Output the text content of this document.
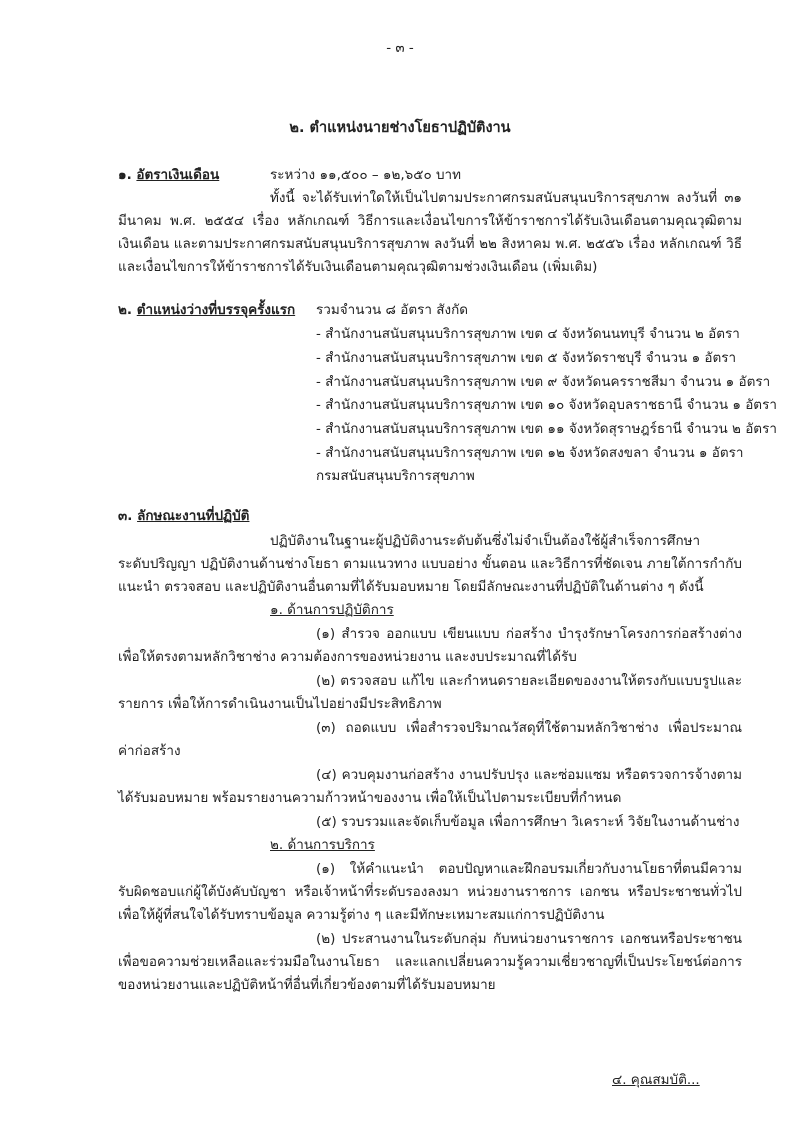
- ๓ -
๒. ตำแหน่งนายช่างโยธาปฏิบัติงาน
๑. อัตราเงินเดือน	ระหว่าง ๑๑,๕๐๐ – ๑๒,๖๕๐ บาท
ทั้งนี้ จะได้รับเท่าใดให้เป็นไปตามประกาศกรมสนับสนุนบริการสุขภาพ ลงวันที่ ๓๑
มีนาคม พ.ศ. ๒๕๕๔ เรื่อง หลักเกณฑ์ วิธีการและเงื่อนไขการให้ข้าราชการได้รับเงินเดือนตามคุณวุฒิตาม
เงินเดือน และตามประกาศกรมสนับสนุนบริการสุขภาพ ลงวันที่ ๒๒ สิงหาคม พ.ศ. ๒๕๕๖ เรื่อง หลักเกณฑ์ วิธี
และเงื่อนไขการให้ข้าราชการได้รับเงินเดือนตามคุณวุฒิตามช่วงเงินเดือน (เพิ่มเติม)
๒. ตำแหน่งว่างที่บรรจุครั้งแรก รวมจำนวน ๘ อัตรา สังกัด
- สำนักงานสนับสนุนบริการสุขภาพ เขต ๔ จังหวัดนนทบุรี จำนวน ๒ อัตรา
- สำนักงานสนับสนุนบริการสุขภาพ เขต ๕ จังหวัดราชบุรี จำนวน ๑ อัตรา
- สำนักงานสนับสนุนบริการสุขภาพ เขต ๙ จังหวัดนครราชสีมา จำนวน ๑ อัตรา
- สำนักงานสนับสนุนบริการสุขภาพ เขต ๑๐ จังหวัดอุบลราชธานี จำนวน ๑ อัตรา
- สำนักงานสนับสนุนบริการสุขภาพ เขต ๑๑ จังหวัดสุราษฎร์ธานี จำนวน ๒ อัตรา
- สำนักงานสนับสนุนบริการสุขภาพ เขต ๑๒ จังหวัดสงขลา จำนวน ๑ อัตรา
กรมสนับสนุนบริการสุขภาพ
๓. ลักษณะงานที่ปฏิบัติ
ปฏิบัติงานในฐานะผู้ปฏิบัติงานระดับต้นซึ่งไม่จำเป็นต้องใช้ผู้สำเร็จการศึกษา
ระดับปริญญา ปฏิบัติงานด้านช่างโยธา ตามแนวทาง แบบอย่าง ขั้นตอน และวิธีการที่ชัดเจน ภายใต้การกำกับ
แนะนำ ตรวจสอบ และปฏิบัติงานอื่นตามที่ได้รับมอบหมาย โดยมีลักษณะงานที่ปฏิบัติในด้านต่าง ๆ ดังนี้
๑. ด้านการปฏิบัติการ
(๑) สำรวจ ออกแบบ เขียนแบบ ก่อสร้าง บำรุงรักษาโครงการก่อสร้างต่าง
เพื่อให้ตรงตามหลักวิชาช่าง ความต้องการของหน่วยงาน และงบประมาณที่ได้รับ
(๒) ตรวจสอบ แก้ไข และกำหนดรายละเอียดของงานให้ตรงกับแบบรูปและ
รายการ เพื่อให้การดำเนินงานเป็นไปอย่างมีประสิทธิภาพ
(๓) ถอดแบบ เพื่อสำรวจปริมาณวัสดุที่ใช้ตามหลักวิชาช่าง เพื่อประมาณ
ค่าก่อสร้าง
(๔) ควบคุมงานก่อสร้าง งานปรับปรุง และซ่อมแซม หรือตรวจการจ้างตาม
ได้รับมอบหมาย พร้อมรายงานความก้าวหน้าของงาน เพื่อให้เป็นไปตามระเบียบที่กำหนด
(๕) รวบรวมและจัดเก็บข้อมูล เพื่อการศึกษา วิเคราะห์ วิจัยในงานด้านช่าง
๒. ด้านการบริการ
(๑) ให้คำแนะนำ ตอบปัญหาและฝึกอบรมเกี่ยวกับงานโยธาที่ตนมีความ
รับผิดชอบแก่ผู้ใต้บังคับบัญชา หรือเจ้าหน้าที่ระดับรองลงมา หน่วยงานราชการ เอกชน หรือประชาชนทั่วไป
เพื่อให้ผู้ที่สนใจได้รับทราบข้อมูล ความรู้ต่าง ๆ และมีทักษะเหมาะสมแก่การปฏิบัติงาน
(๒) ประสานงานในระดับกลุ่ม กับหน่วยงานราชการ เอกชนหรือประชาชน
เพื่อขอความช่วยเหลือและร่วมมือในงานโยธา และแลกเปลี่ยนความรู้ความเชี่ยวชาญที่เป็นประโยชน์ต่อการ
ของหน่วยงานและปฏิบัติหน้าที่อื่นที่เกี่ยวข้องตามที่ได้รับมอบหมาย
๔. คุณสมบัติ...
